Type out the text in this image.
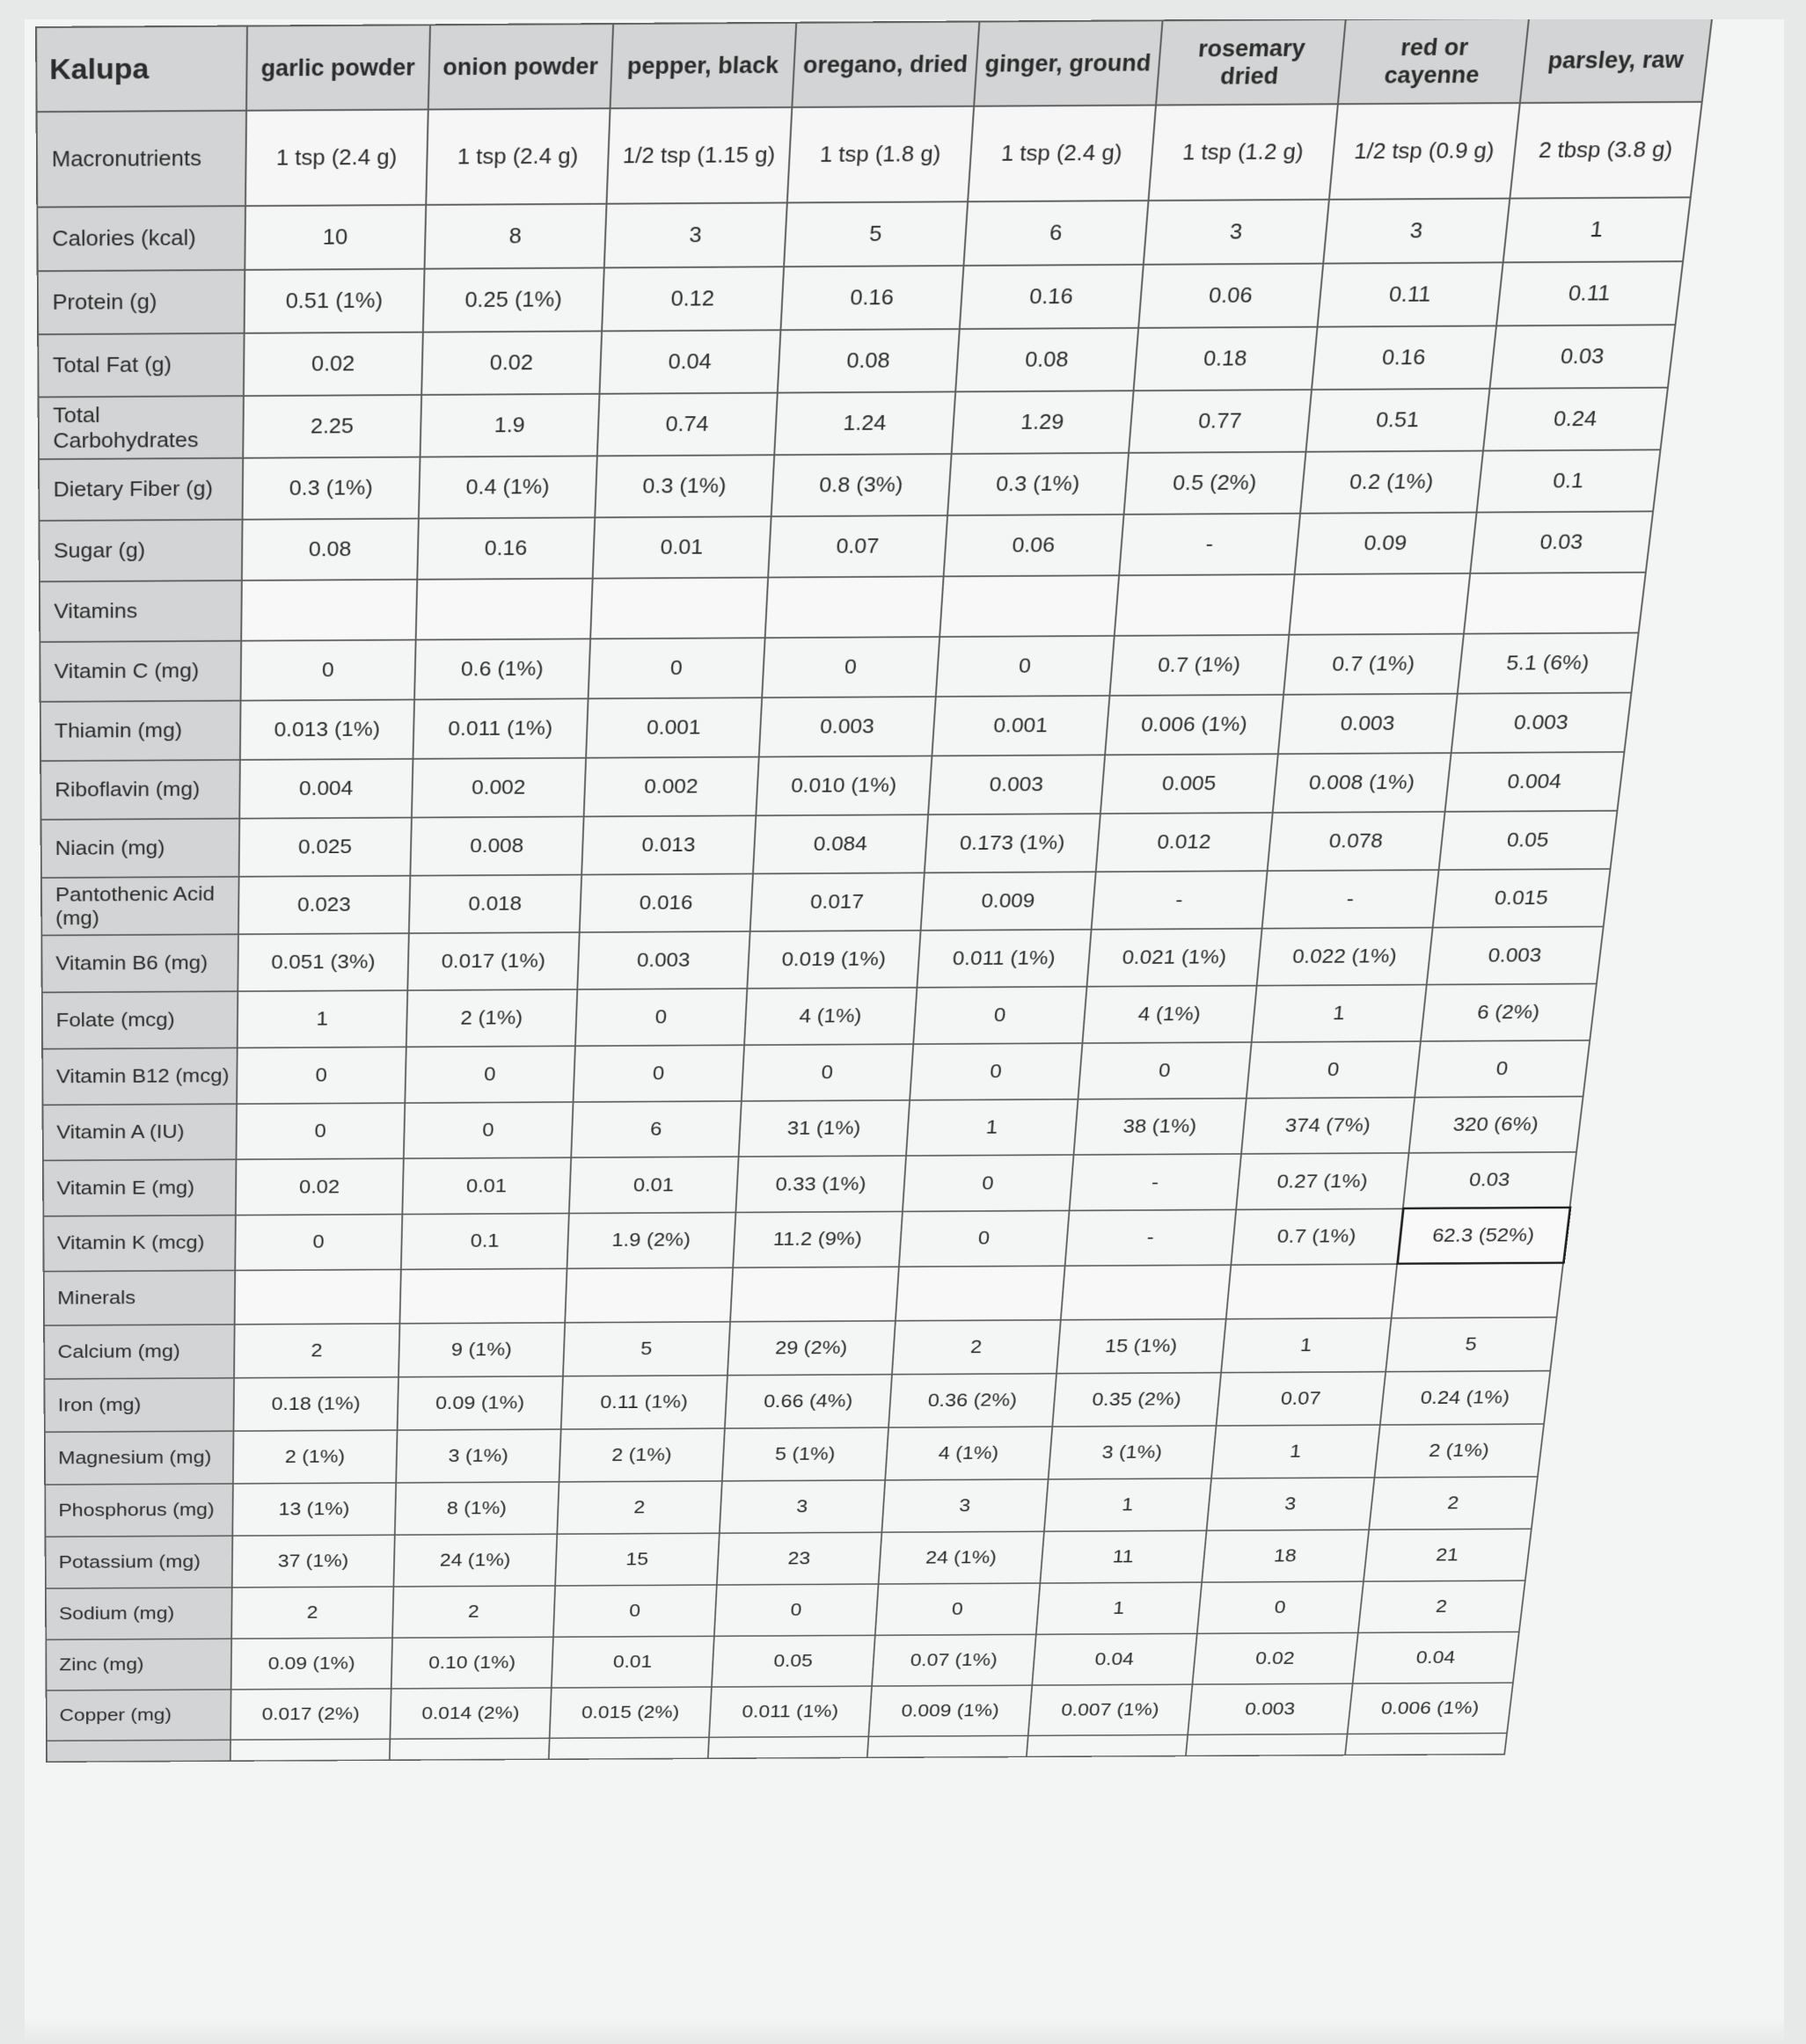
Kalupa	garlic powder	onion powder	pepper, black	oregano, dried	ginger, ground	rosemary dried	red or cayenne	parsley, raw
Macronutrients	1 tsp (2.4 g)	1 tsp (2.4 g)	1/2 tsp (1.15 g)	1 tsp (1.8 g)	1 tsp (2.4 g)	1 tsp (1.2 g)	1/2 tsp (0.9 g)	2 tbsp (3.8 g)
Calories (kcal)	10	8	3	5	6	3	3	1
Protein (g)	0.51 (1%)	0.25 (1%)	0.12	0.16	0.16	0.06	0.11	0.11
Total Fat (g)	0.02	0.02	0.04	0.08	0.08	0.18	0.16	0.03
Total Carbohydrates	2.25	1.9	0.74	1.24	1.29	0.77	0.51	0.24
Dietary Fiber (g)	0.3 (1%)	0.4 (1%)	0.3 (1%)	0.8 (3%)	0.3 (1%)	0.5 (2%)	0.2 (1%)	0.1
Sugar (g)	0.08	0.16	0.01	0.07	0.06	-	0.09	0.03
Vitamins								
Vitamin C (mg)	0	0.6 (1%)	0	0	0	0.7 (1%)	0.7 (1%)	5.1 (6%)
Thiamin (mg)	0.013 (1%)	0.011 (1%)	0.001	0.003	0.001	0.006 (1%)	0.003	0.003
Riboflavin (mg)	0.004	0.002	0.002	0.010 (1%)	0.003	0.005	0.008 (1%)	0.004
Niacin (mg)	0.025	0.008	0.013	0.084	0.173 (1%)	0.012	0.078	0.05
Pantothenic Acid (mg)	0.023	0.018	0.016	0.017	0.009	-	-	0.015
Vitamin B6 (mg)	0.051 (3%)	0.017 (1%)	0.003	0.019 (1%)	0.011 (1%)	0.021 (1%)	0.022 (1%)	0.003
Folate (mcg)	1	2 (1%)	0	4 (1%)	0	4 (1%)	1	6 (2%)
Vitamin B12 (mcg)	0	0	0	0	0	0	0	0
Vitamin A (IU)	0	0	6	31 (1%)	1	38 (1%)	374 (7%)	320 (6%)
Vitamin E (mg)	0.02	0.01	0.01	0.33 (1%)	0	-	0.27 (1%)	0.03
Vitamin K (mcg)	0	0.1	1.9 (2%)	11.2 (9%)	0	-	0.7 (1%)	62.3 (52%)
Minerals								
Calcium (mg)	2	9 (1%)	5	29 (2%)	2	15 (1%)	1	5
Iron (mg)	0.18 (1%)	0.09 (1%)	0.11 (1%)	0.66 (4%)	0.36 (2%)	0.35 (2%)	0.07	0.24 (1%)
Magnesium (mg)	2 (1%)	3 (1%)	2 (1%)	5 (1%)	4 (1%)	3 (1%)	1	2 (1%)
Phosphorus (mg)	13 (1%)	8 (1%)	2	3	3	1	3	2
Potassium (mg)	37 (1%)	24 (1%)	15	23	24 (1%)	11	18	21
Sodium (mg)	2	2	0	0	0	1	0	2
Zinc (mg)	0.09 (1%)	0.10 (1%)	0.01	0.05	0.07 (1%)	0.04	0.02	0.04
Copper (mg)	0.017 (2%)	0.014 (2%)	0.015 (2%)	0.011 (1%)	0.009 (1%)	0.007 (1%)	0.003	0.006 (1%)
